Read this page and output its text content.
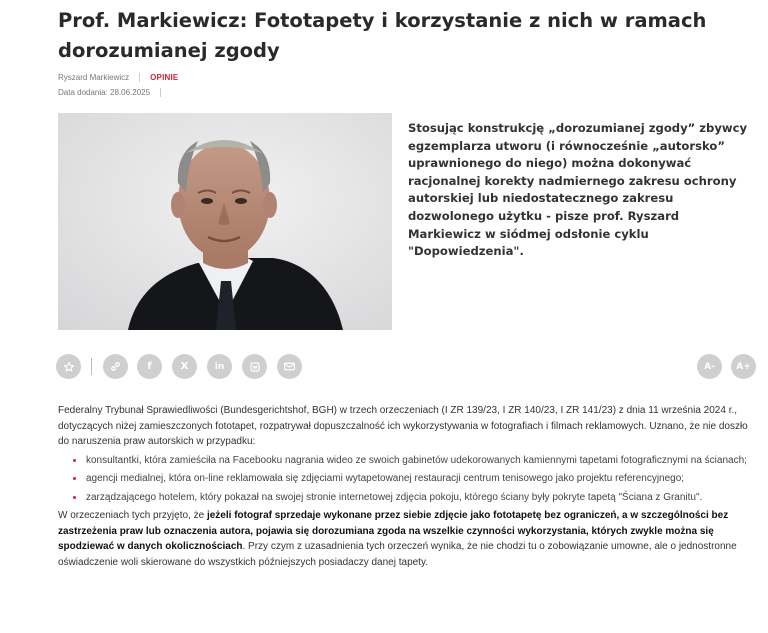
Prof. Markiewicz: Fototapety i korzystanie z nich w ramach dorozumianej zgody
Ryszard Markiewicz	OPINIE
Data dodania: 28.06.2025

Stosując konstrukcję „dorozumianej zgody” zbywcy egzemplarza utworu (i równocześnie „autorsko” uprawnionego do niego) można dokonywać racjonalnej korekty nadmiernego zakresu ochrony autorskiej lub niedostatecznego zakresu dozwolonego użytku - pisze prof. Ryszard Markiewicz w siódmej odsłonie cyklu "Dopowiedzenia".

f	X	in	A-	A+

Federalny Trybunał Sprawiedliwości (Bundesgerichtshof, BGH) w trzech orzeczeniach (I ZR 139/23, I ZR 140/23, I ZR 141/23) z dnia 11 września 2024 r., dotyczących niżej zamieszczonych fototapet, rozpatrywał dopuszczalność ich wykorzystywania w fotografiach i filmach reklamowych. Uznano, że nie doszło do naruszenia praw autorskich w przypadku:

konsultantki, która zamieściła na Facebooku nagrania wideo ze swoich gabinetów udekorowanych kamiennymi tapetami fotograficznymi na ścianach;
agencji medialnej, która on-line reklamowała się zdjęciami wytapetowanej restauracji centrum tenisowego jako projektu referencyjnego;
zarządzającego hotelem, który pokazał na swojej stronie internetowej zdjęcia pokoju, którego ściany były pokryte tapetą "Ściana z Granitu".

W orzeczeniach tych przyjęto, że jeżeli fotograf sprzedaje wykonane przez siebie zdjęcie jako fototapetę bez ograniczeń, a w szczególności bez zastrzeżenia praw lub oznaczenia autora, pojawia się dorozumiana zgoda na wszelkie czynności wykorzystania, których zwykle można się spodziewać w danych okolicznościach. Przy czym z uzasadnienia tych orzeczeń wynika, że nie chodzi tu o zobowiązanie umowne, ale o jednostronne oświadczenie woli skierowane do wszystkich późniejszych posiadaczy danej tapety.
